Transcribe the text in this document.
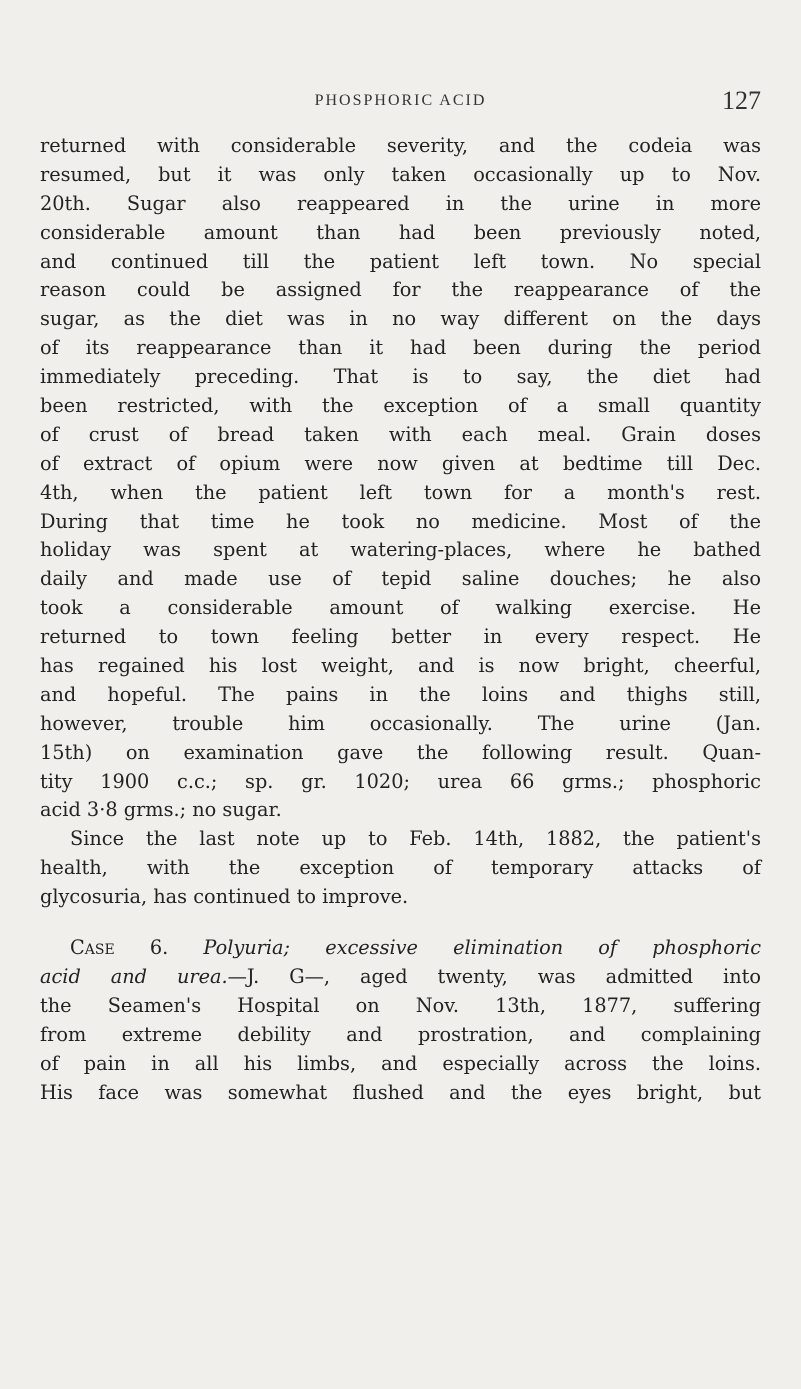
PHOSPHORIC ACID	127
returned with considerable severity, and the codeia was
resumed, but it was only taken occasionally up to Nov.
20th. Sugar also reappeared in the urine in more
considerable amount than had been previously noted,
and continued till the patient left town. No special
reason could be assigned for the reappearance of the
sugar, as the diet was in no way different on the days
of its reappearance than it had been during the period
immediately preceding. That is to say, the diet had
been restricted, with the exception of a small quantity
of crust of bread taken with each meal. Grain doses
of extract of opium were now given at bedtime till Dec.
4th, when the patient left town for a month's rest.
During that time he took no medicine. Most of the
holiday was spent at watering-places, where he bathed
daily and made use of tepid saline douches; he also
took a considerable amount of walking exercise. He
returned to town feeling better in every respect. He
has regained his lost weight, and is now bright, cheerful,
and hopeful. The pains in the loins and thighs still,
however, trouble him occasionally. The urine (Jan.
15th) on examination gave the following result. Quan-
tity 1900 c.c.; sp. gr. 1020; urea 66 grms.; phosphoric
acid 3·8 grms.; no sugar.
Since the last note up to Feb. 14th, 1882, the patient's
health, with the exception of temporary attacks of
glycosuria, has continued to improve.
Case 6. Polyuria; excessive elimination of phosphoric
acid and urea.—J. G—, aged twenty, was admitted into
the Seamen's Hospital on Nov. 13th, 1877, suffering
from extreme debility and prostration, and complaining
of pain in all his limbs, and especially across the loins.
His face was somewhat flushed and the eyes bright, but
